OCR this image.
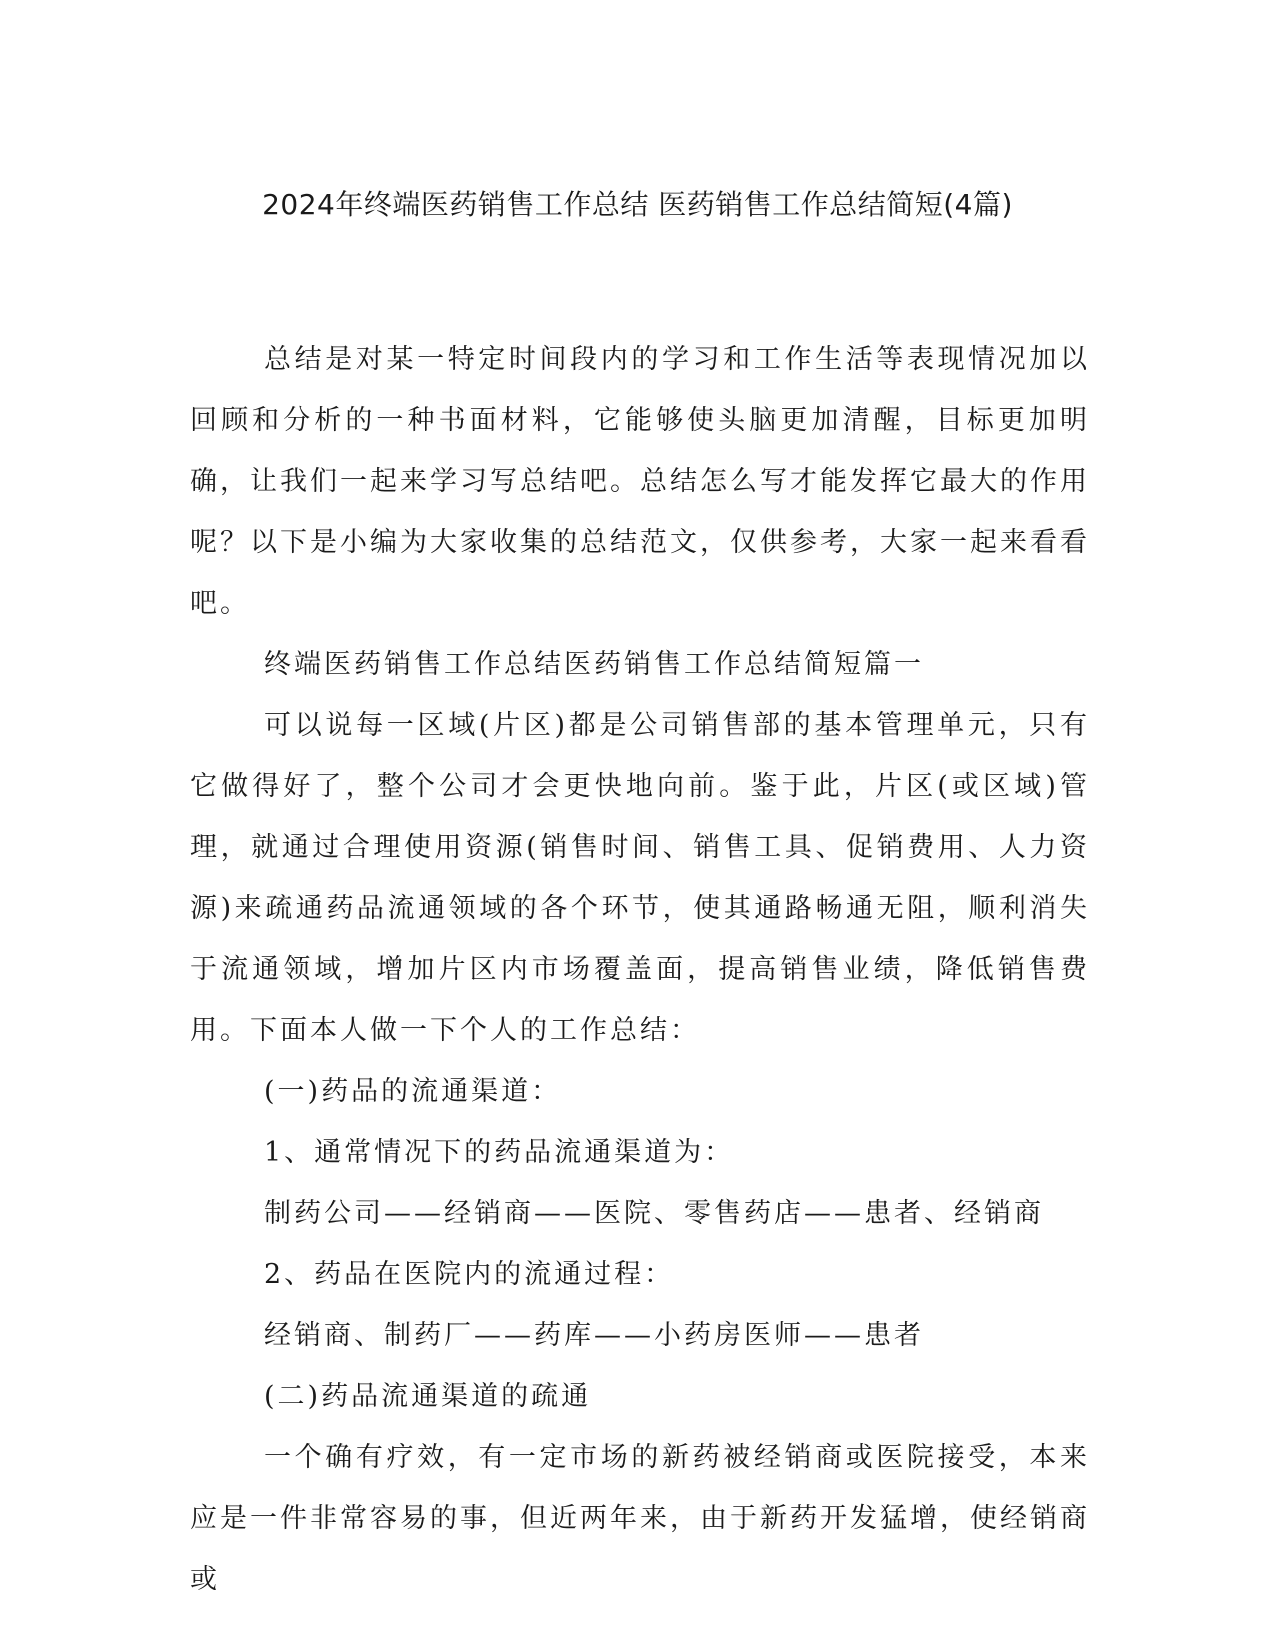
2024年终端医药销售工作总结 医药销售工作总结简短(4篇)

总结是对某一特定时间段内的学习和工作生活等表现情况加以回顾和分析的一种书面材料，它能够使头脑更加清醒，目标更加明确，让我们一起来学习写总结吧。总结怎么写才能发挥它最大的作用呢？以下是小编为大家收集的总结范文，仅供参考，大家一起来看看吧。

终端医药销售工作总结医药销售工作总结简短篇一

可以说每一区域(片区)都是公司销售部的基本管理单元，只有它做得好了，整个公司才会更快地向前。鉴于此，片区(或区域)管理，就通过合理使用资源(销售时间、销售工具、促销费用、人力资源)来疏通药品流通领域的各个环节，使其通路畅通无阻，顺利消失于流通领域，增加片区内市场覆盖面，提高销售业绩，降低销售费用。下面本人做一下个人的工作总结：

(一)药品的流通渠道：

1、通常情况下的药品流通渠道为：

制药公司——经销商——医院、零售药店——患者、经销商

2、药品在医院内的流通过程：

经销商、制药厂——药库——小药房医师——患者

(二)药品流通渠道的疏通

一个确有疗效，有一定市场的新药被经销商或医院接受，本来应是一件非常容易的事，但近两年来，由于新药开发猛增，使经销商或
